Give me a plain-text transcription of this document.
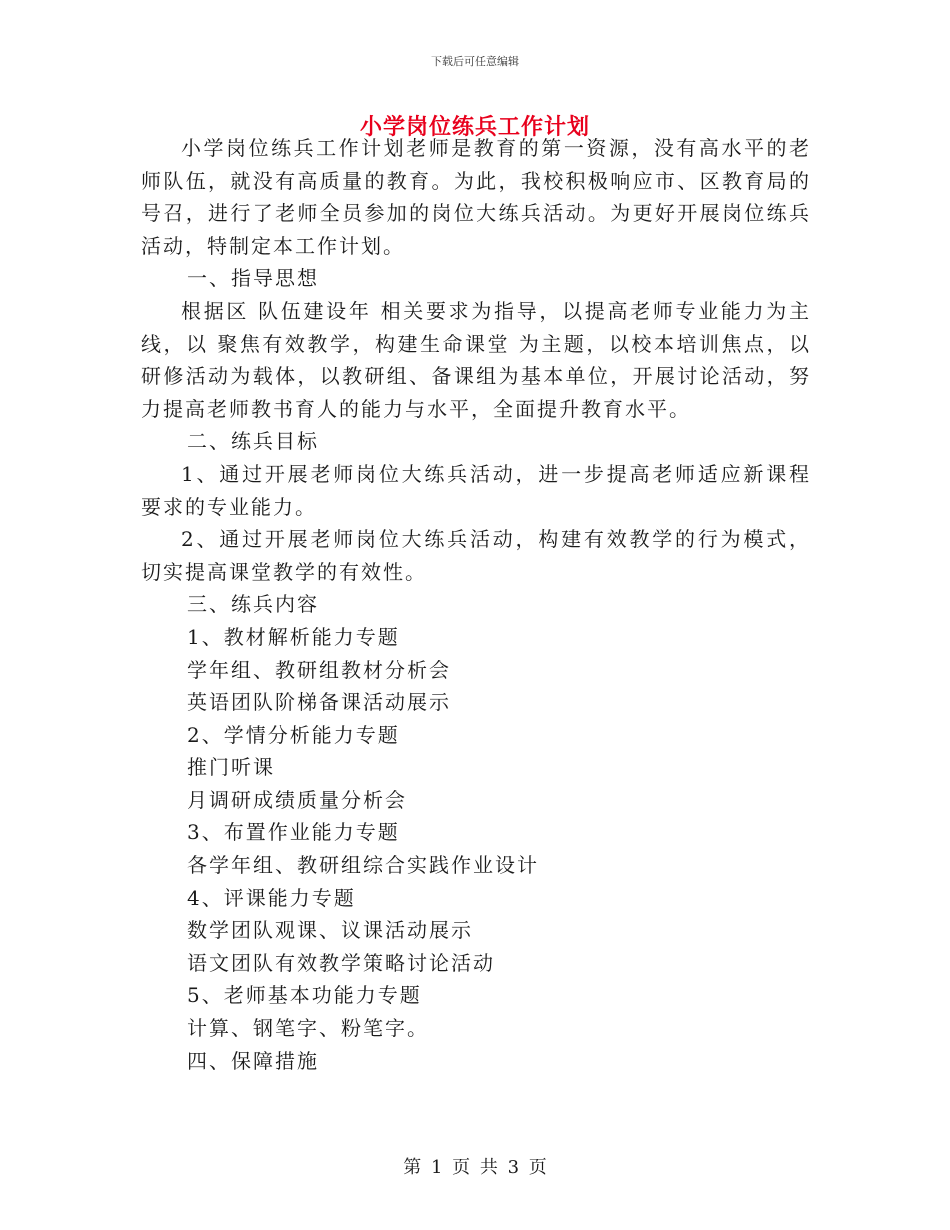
下载后可任意编辑
小学岗位练兵工作计划

小学岗位练兵工作计划老师是教育的第一资源，没有高水平的老师队伍，就没有高质量的教育。为此，我校积极响应市、区教育局的号召，进行了老师全员参加的岗位大练兵活动。为更好开展岗位练兵活动，特制定本工作计划。

一、指导思想

根据区 队伍建设年 相关要求为指导，以提高老师专业能力为主线，以 聚焦有效教学，构建生命课堂 为主题，以校本培训焦点，以研修活动为载体，以教研组、备课组为基本单位，开展讨论活动，努力提高老师教书育人的能力与水平，全面提升教育水平。

二、练兵目标

1、通过开展老师岗位大练兵活动，进一步提高老师适应新课程要求的专业能力。

2、通过开展老师岗位大练兵活动，构建有效教学的行为模式，切实提高课堂教学的有效性。

三、练兵内容

1、教材解析能力专题

学年组、教研组教材分析会

英语团队阶梯备课活动展示

2、学情分析能力专题

推门听课

月调研成绩质量分析会

3、布置作业能力专题

各学年组、教研组综合实践作业设计

4、评课能力专题

数学团队观课、议课活动展示

语文团队有效教学策略讨论活动

5、老师基本功能力专题

计算、钢笔字、粉笔字。

四、保障措施

第 1 页 共 3 页
